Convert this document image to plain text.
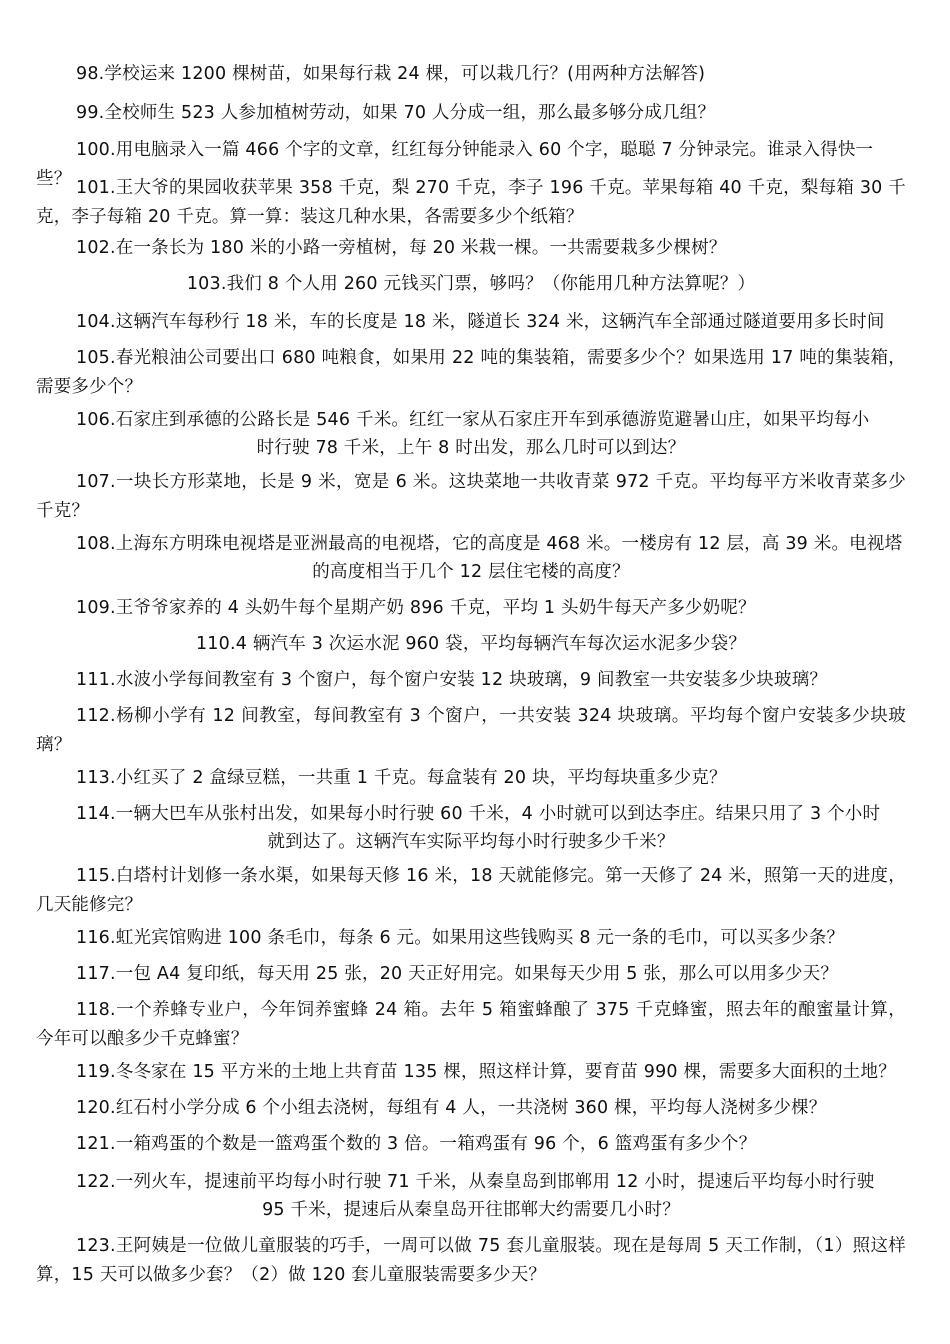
98.学校运来 1200 棵树苗，如果每行栽 24 棵，可以栽几行？(用两种方法解答)

99.全校师生 523 人参加植树劳动，如果 70 人分成一组，那么最多够分成几组？

100.用电脑录入一篇 466 个字的文章，红红每分钟能录入 60 个字，聪聪 7 分钟录完。谁录入得快一些？ 101.王大爷的果园收获苹果 358 千克，梨 270 千克，李子 196 千克。苹果每箱 40 千克，梨每箱 30 千克，李子每箱 20 千克。算一算：装这几种水果，各需要多少个纸箱？

102.在一条长为 180 米的小路一旁植树，每 20 米栽一棵。一共需要栽多少棵树？

103.我们 8 个人用 260 元钱买门票，够吗？（你能用几种方法算呢？）

104.这辆汽车每秒行 18 米，车的长度是 18 米，隧道长 324 米，这辆汽车全部通过隧道要用多长时间

105.春光粮油公司要出口 680 吨粮食，如果用 22 吨的集装箱，需要多少个？如果选用 17 吨的集装箱，需要多少个？

106.石家庄到承德的公路长是 546 千米。红红一家从石家庄开车到承德游览避暑山庄，如果平均每小

时行驶 78 千米，上午 8 时出发，那么几时可以到达？

107.一块长方形菜地，长是 9 米，宽是 6 米。这块菜地一共收青菜 972 千克。平均每平方米收青菜多少千克？

108.上海东方明珠电视塔是亚洲最高的电视塔，它的高度是 468 米。一楼房有 12 层，高 39 米。电视塔

的高度相当于几个 12 层住宅楼的高度？

109.王爷爷家养的 4 头奶牛每个星期产奶 896 千克，平均 1 头奶牛每天产多少奶呢？

110.4 辆汽车 3 次运水泥 960 袋，平均每辆汽车每次运水泥多少袋？

111.水波小学每间教室有 3 个窗户，每个窗户安装 12 块玻璃，9 间教室一共安装多少块玻璃？

112.杨柳小学有 12 间教室，每间教室有 3 个窗户，一共安装 324 块玻璃。平均每个窗户安装多少块玻璃？

113.小红买了 2 盒绿豆糕，一共重 1 千克。每盒装有 20 块，平均每块重多少克？

114.一辆大巴车从张村出发，如果每小时行驶 60 千米，4 小时就可以到达李庄。结果只用了 3 个小时

就到达了。这辆汽车实际平均每小时行驶多少千米？

115.白塔村计划修一条水渠，如果每天修 16 米，18 天就能修完。第一天修了 24 米，照第一天的进度，几天能修完？

116.虹光宾馆购进 100 条毛巾，每条 6 元。如果用这些钱购买 8 元一条的毛巾，可以买多少条？

117.一包 A4 复印纸，每天用 25 张，20 天正好用完。如果每天少用 5 张，那么可以用多少天？

118.一个养蜂专业户，今年饲养蜜蜂 24 箱。去年 5 箱蜜蜂酿了 375 千克蜂蜜，照去年的酿蜜量计算，今年可以酿多少千克蜂蜜？

119.冬冬家在 15 平方米的土地上共育苗 135 棵，照这样计算，要育苗 990 棵，需要多大面积的土地？

120.红石村小学分成 6 个小组去浇树，每组有 4 人，一共浇树 360 棵，平均每人浇树多少棵？

121.一箱鸡蛋的个数是一篮鸡蛋个数的 3 倍。一箱鸡蛋有 96 个，6 篮鸡蛋有多少个？

122.一列火车，提速前平均每小时行驶 71 千米，从秦皇岛到邯郸用 12 小时，提速后平均每小时行驶

95 千米，提速后从秦皇岛开往邯郸大约需要几小时？

123.王阿姨是一位做儿童服装的巧手，一周可以做 75 套儿童服装。现在是每周 5 天工作制，（1）照这样算，15 天可以做多少套？（2）做 120 套儿童服装需要多少天？
